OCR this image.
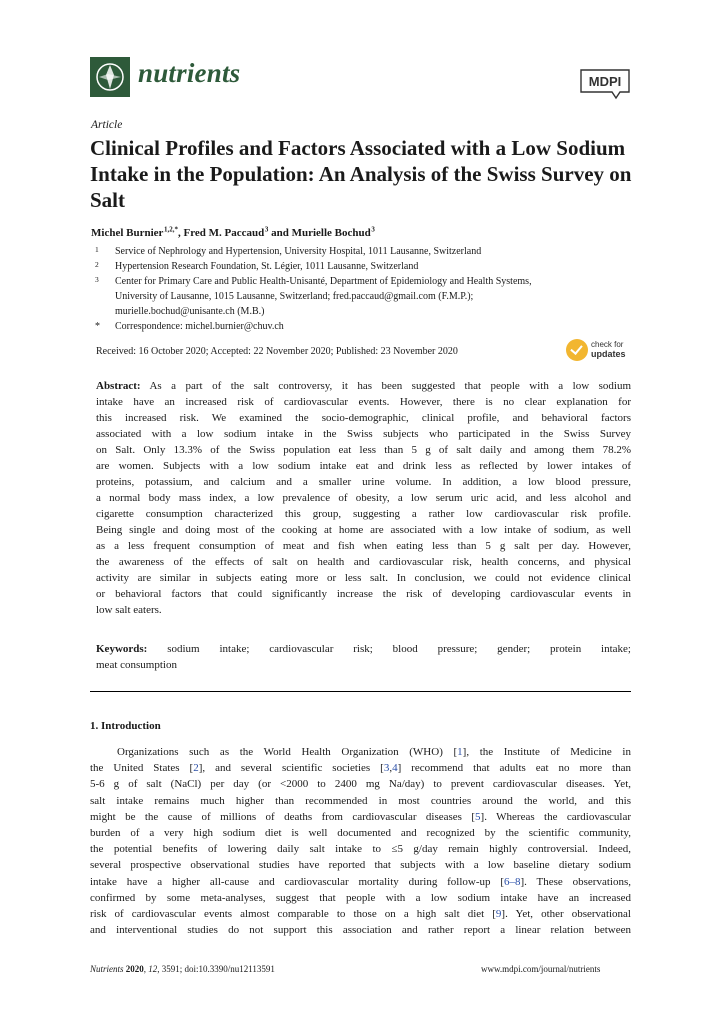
nutrients	MDPI
Article
Clinical Profiles and Factors Associated with a Low Sodium Intake in the Population: An Analysis of the Swiss Survey on Salt
Michel Burnier $^{1,2,*}$, Fred M. Paccaud $^3$ and Murielle Bochud $^3$
1 Service of Nephrology and Hypertension, University Hospital, 1011 Lausanne, Switzerland
2 Hypertension Research Foundation, St. Légier, 1011 Lausanne, Switzerland
3 Center for Primary Care and Public Health-Unisanté, Department of Epidemiology and Health Systems,
University of Lausanne, 1015 Lausanne, Switzerland; fred.paccaud@gmail.com (F.M.P.);
murielle.bochud@unisante.ch (M.B.)
* Correspondence: michel.burnier@chuv.ch
Received: 16 October 2020; Accepted: 22 November 2020; Published: 23 November 2020
check for
updates
Abstract: As a part of the salt controversy, it has been suggested that people with a low sodium
intake have an increased risk of cardiovascular events. However, there is no clear explanation for
this increased risk. We examined the socio-demographic, clinical profile, and behavioral factors
associated with a low sodium intake in the Swiss subjects who participated in the Swiss Survey
on Salt. Only 13.3% of the Swiss population eat less than 5 g of salt daily and among them 78.2%
are women. Subjects with a low sodium intake eat and drink less as reflected by lower intakes of
proteins, potassium, and calcium and a smaller urine volume. In addition, a low blood pressure,
a normal body mass index, a low prevalence of obesity, a low serum uric acid, and less alcohol and
cigarette consumption characterized this group, suggesting a rather low cardiovascular risk profile.
Being single and doing most of the cooking at home are associated with a low intake of sodium, as well
as a less frequent consumption of meat and fish when eating less than 5 g salt per day. However,
the awareness of the effects of salt on health and cardiovascular risk, health concerns, and physical
activity are similar in subjects eating more or less salt. In conclusion, we could not evidence clinical
or behavioral factors that could significantly increase the risk of developing cardiovascular events in
low salt eaters.
Keywords: sodium intake; cardiovascular risk; blood pressure; gender; protein intake;
meat consumption
1. Introduction
Organizations such as the World Health Organization (WHO) [1], the Institute of Medicine in
the United States [2], and several scientific societies [3,4] recommend that adults eat no more than
5-6 g of salt (NaCl) per day (or <2000 to 2400 mg Na/day) to prevent cardiovascular diseases. Yet,
salt intake remains much higher than recommended in most countries around the world, and this
might be the cause of millions of deaths from cardiovascular diseases [5]. Whereas the cardiovascular
burden of a very high sodium diet is well documented and recognized by the scientific community,
the potential benefits of lowering daily salt intake to ≤5 g/day remain highly controversial. Indeed,
several prospective observational studies have reported that subjects with a low baseline dietary sodium
intake have a higher all-cause and cardiovascular mortality during follow-up [6–8]. These observations,
confirmed by some meta-analyses, suggest that people with a low sodium intake have an increased
risk of cardiovascular events almost comparable to those on a high salt diet [9]. Yet, other observational
and interventional studies do not support this association and rather report a linear relation between
Nutrients 2020, 12, 3591; doi:10.3390/nu12113591	www.mdpi.com/journal/nutrients
